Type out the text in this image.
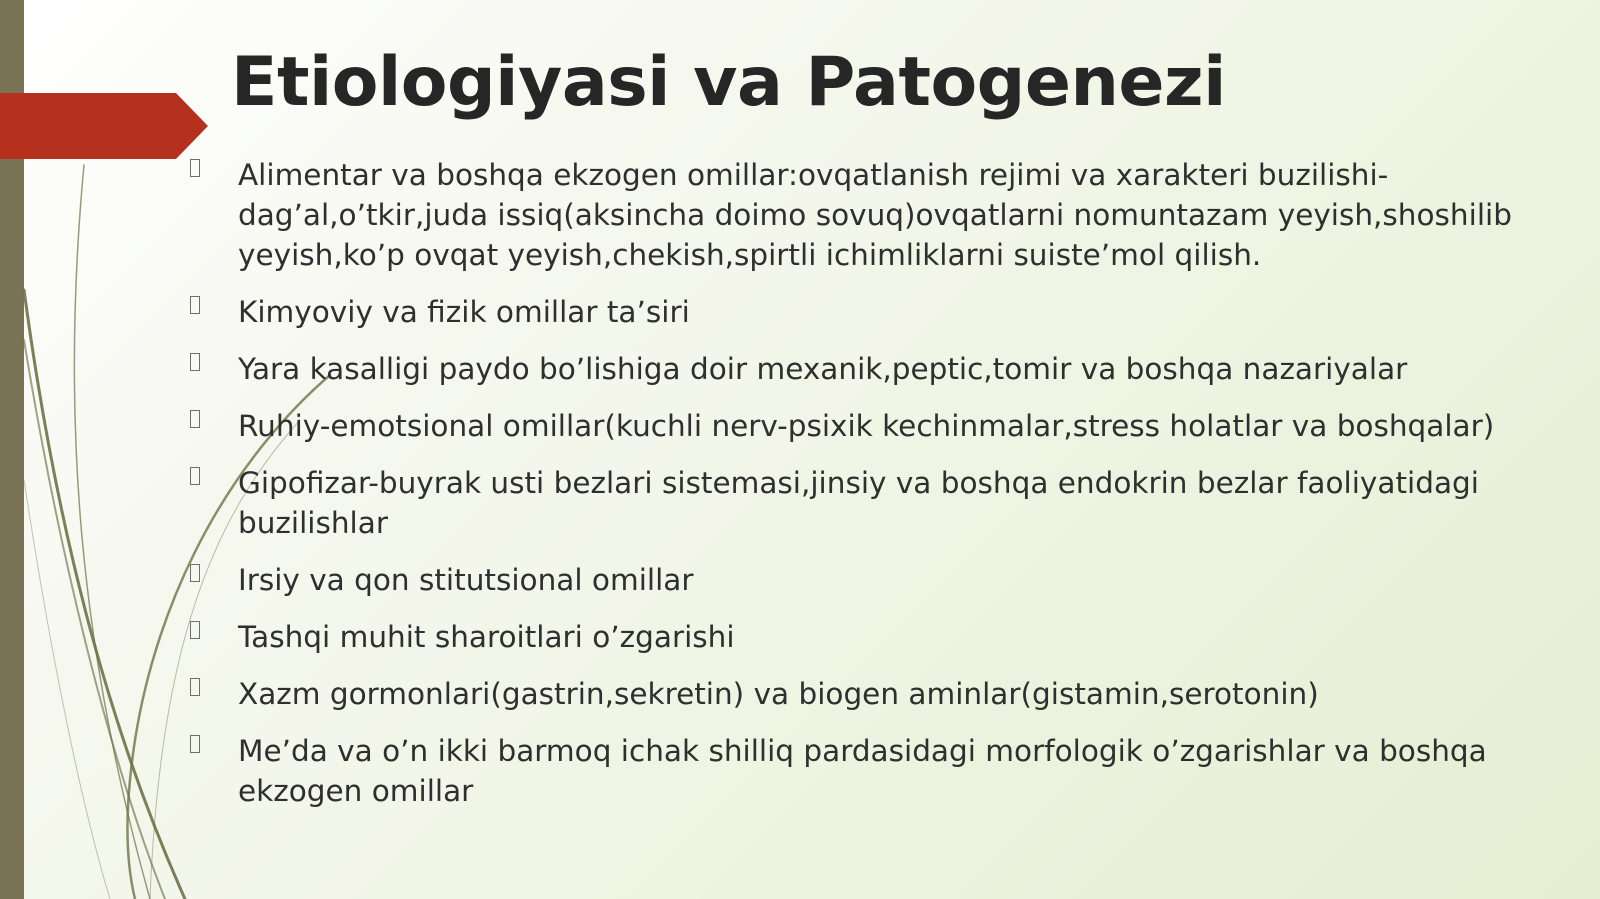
Etiologiyasi va Patogenezi
Alimentar va boshqa ekzogen omillar:ovqatlanish rejimi va xarakteri buzilishi-dag’al,o’tkir,juda issiq(aksincha doimo sovuq)ovqatlarni nomuntazam yeyish,shoshilib yeyish,ko’p ovqat yeyish,chekish,spirtli ichimliklarni suiste’mol qilish.
Kimyoviy va fizik omillar ta’siri
Yara kasalligi paydo bo’lishiga doir mexanik,peptic,tomir va boshqa nazariyalar
Ruhiy-emotsional omillar(kuchli nerv-psixik kechinmalar,stress holatlar va boshqalar)
Gipofizar-buyrak usti bezlari sistemasi,jinsiy va boshqa endokrin bezlar faoliyatidagi buzilishlar
Irsiy va qon stitutsional omillar
Tashqi muhit sharoitlari o’zgarishi
Xazm gormonlari(gastrin,sekretin) va biogen aminlar(gistamin,serotonin)
Me’da va o’n ikki barmoq ichak shilliq pardasidagi morfologik o’zgarishlar va boshqa ekzogen omillar
